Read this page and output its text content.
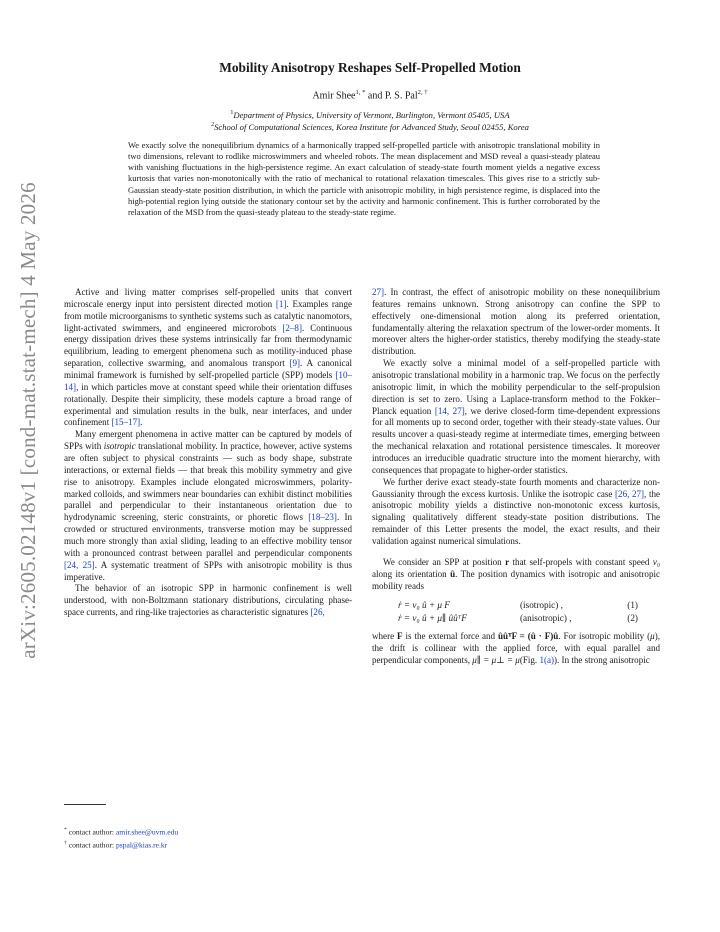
arXiv:2605.02148v1 [cond-mat.stat-mech] 4 May 2026
Mobility Anisotropy Reshapes Self-Propelled Motion
Amir Shee$^{1, *}$ and P. S. Pal$^{2, \dagger}$
$^1$Department of Physics, University of Vermont, Burlington, Vermont 05405, USA
$^2$School of Computational Sciences, Korea Institute for Advanced Study, Seoul 02455, Korea
We exactly solve the nonequilibrium dynamics of a harmonically trapped self-propelled particle with anisotropic translational mobility in two dimensions, relevant to rodlike microswimmers and wheeled robots. The mean displacement and MSD reveal a quasi-steady plateau with vanishing fluctuations in the high-persistence regime. An exact calculation of steady-state fourth moment yields a negative excess kurtosis that varies non-monotonically with the ratio of mechanical to rotational relaxation timescales. This gives rise to a strictly sub-Gaussian steady-state position distribution, in which the particle with anisotropic mobility, in high persistence regime, is displaced into the high-potential region lying outside the stationary contour set by the activity and harmonic confinement. This is further corroborated by the relaxation of the MSD from the quasi-steady plateau to the steady-state regime.

Active and living matter comprises self-propelled units that convert microscale energy input into persistent directed motion [1]. Examples range from motile microorganisms to synthetic systems such as catalytic nanomotors, light-activated swimmers, and engineered microrobots [2–8]. Continuous energy dissipation drives these systems intrinsically far from thermodynamic equilibrium, leading to emergent phenomena such as motility-induced phase separation, collective swarming, and anomalous transport [9]. A canonical minimal framework is furnished by self-propelled particle (SPP) models [10–14], in which particles move at constant speed while their orientation diffuses rotationally. Despite their simplicity, these models capture a broad range of experimental and simulation results in the bulk, near interfaces, and under confinement [15–17].

Many emergent phenomena in active matter can be captured by models of SPPs with isotropic translational mobility. In practice, however, active systems are often subject to physical constraints — such as body shape, substrate interactions, or external fields — that break this mobility symmetry and give rise to anisotropy. Examples include elongated microswimmers, polarity-marked colloids, and swimmers near boundaries can exhibit distinct mobilities parallel and perpendicular to their instantaneous orientation due to hydrodynamic screening, steric constraints, or phoretic flows [18–23]. In crowded or structured environments, transverse motion may be suppressed much more strongly than axial sliding, leading to an effective mobility tensor with a pronounced contrast between parallel and perpendicular components [24, 25]. A systematic treatment of SPPs with anisotropic mobility is thus imperative.

The behavior of an isotropic SPP in harmonic confinement is well understood, with non-Boltzmann stationary distributions, circulating phase-space currents, and ring-like trajectories as characteristic signatures [26,

27]. In contrast, the effect of anisotropic mobility on these nonequilibrium features remains unknown. Strong anisotropy can confine the SPP to effectively one-dimensional motion along its preferred orientation, fundamentally altering the relaxation spectrum of the lower-order moments. It moreover alters the higher-order statistics, thereby modifying the steady-state distribution.

We exactly solve a minimal model of a self-propelled particle with anisotropic translational mobility in a harmonic trap. We focus on the perfectly anisotropic limit, in which the mobility perpendicular to the self-propulsion direction is set to zero. Using a Laplace-transform method to the Fokker–Planck equation [14, 27], we derive closed-form time-dependent expressions for all moments up to second order, together with their steady-state values. Our results uncover a quasi-steady regime at intermediate times, emerging between the mechanical relaxation and rotational persistence timescales. It moreover introduces an irreducible quadratic structure into the moment hierarchy, with consequences that propagate to higher-order statistics.

We further derive exact steady-state fourth moments and characterize non-Gaussianity through the excess kurtosis. Unlike the isotropic case [26, 27], the anisotropic mobility yields a distinctive non-monotonic excess kurtosis, signaling qualitatively different steady-state position distributions. The remainder of this Letter presents the model, the exact results, and their validation against numerical simulations.

We consider an SPP at position r that self-propels with constant speed v₀ along its orientation û. The position dynamics with isotropic and anisotropic mobility reads

ṙ = v₀ û + μ F	(isotropic) ,	(1)
ṙ = v₀ û + μ∥ ûûᵀF	(anisotropic) ,	(2)

where F is the external force and ûûᵀF = (û · F)û. For isotropic mobility (μ), the drift is collinear with the applied force, with equal parallel and perpendicular components, μ∥ = μ⊥ = μ(Fig. 1(a)). In the strong anisotropic

* contact author: amir.shee@uvm.edu
† contact author: pspal@kias.re.kr
